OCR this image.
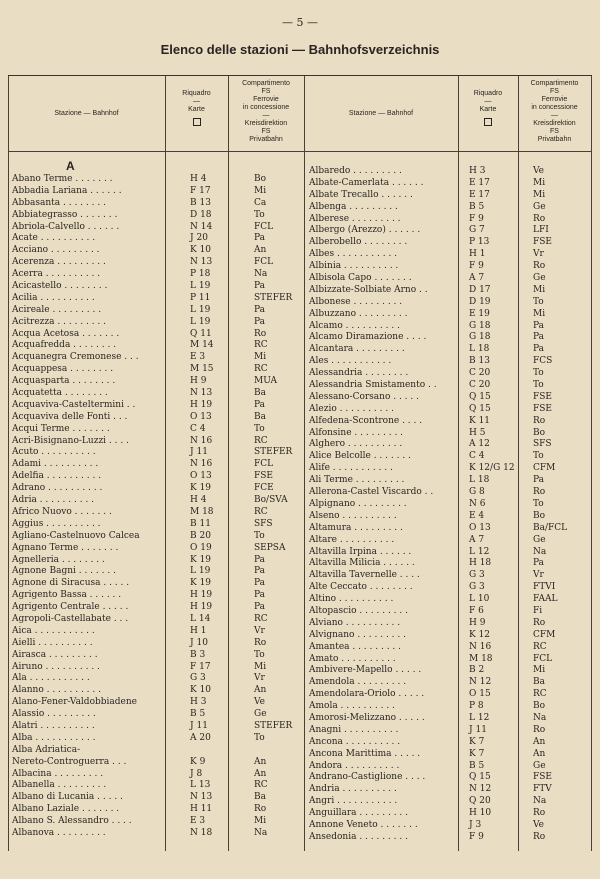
— 5 —
Elenco delle stazioni — Bahnhofsverzeichnis
Stazione — Bahnhof
Riquadro
—
Karte
Compartimento
FS
Ferrovie
in concessione
—
Kreisdirektion
FS
Privatbahn
Stazione — Bahnhof
Riquadro
—
Karte
Compartimento
FS
Ferrovie
in concessione
—
Kreisdirektion
FS
Privatbahn
A
Abano Terme . . . . . . .	H 4	Bo
Abbadia Lariana . . . . . .	F 17	Mi
Abbasanta . . . . . . . .	B 13	Ca
Abbiategrasso . . . . . . .	D 18	To
Abriola-Calvello . . . . . .	N 14	FCL
Acate . . . . . . . . . .	J 20	Pa
Acciano . . . . . . . . .	K 10	An
Acerenza . . . . . . . . .	N 13	FCL
Acerra . . . . . . . . . .	P 18	Na
Acicastello . . . . . . . .	L 19	Pa
Acilia . . . . . . . . . .	P 11	STEFER
Acireale . . . . . . . . .	L 19	Pa
Acitrezza . . . . . . . . .	L 19	Pa
Acqua Acetosa . . . . . . .	Q 11	Ro
Acquafredda . . . . . . . .	M 14	RC
Acquanegra Cremonese . . .	E 3	Mi
Acquappesa . . . . . . . .	M 15	RC
Acquasparta . . . . . . . .	H 9	MUA
Acquatetta . . . . . . . .	N 13	Ba
Acquaviva-Casteltermini . .	H 19	Pa
Acquaviva delle Fonti . . .	O 13	Ba
Acqui Terme . . . . . . .	C 4	To
Acri-Bisignano-Luzzi . . . .	N 16	RC
Acuto . . . . . . . . . .	J 11	STEFER
Adami . . . . . . . . . .	N 16	FCL
Adelfia . . . . . . . . . .	O 13	FSE
Adrano . . . . . . . . . .	K 19	FCE
Adria . . . . . . . . . .	H 4	Bo/SVA
Africo Nuovo . . . . . . .	M 18	RC
Aggius . . . . . . . . . .	B 11	SFS
Agliano-Castelnuovo Calcea	B 20	To
Agnano Terme . . . . . . .	O 19	SEPSA
Agnelleria . . . . . . . .	K 19	Pa
Agnone Bagni . . . . . . .	L 19	Pa
Agnone di Siracusa . . . . .	K 19	Pa
Agrigento Bassa . . . . . .	H 19	Pa
Agrigento Centrale . . . . .	H 19	Pa
Agropoli-Castellabate . . .	L 14	RC
Aica . . . . . . . . . . .	H 1	Vr
Aielli . . . . . . . . . .	J 10	Ro
Airasca . . . . . . . . .	B 3	To
Airuno . . . . . . . . . .	F 17	Mi
Ala . . . . . . . . . . .	G 3	Vr
Alanno . . . . . . . . . .	K 10	An
Alano-Fener-Valdobbiadene	H 3	Ve
Alassio . . . . . . . . .	B 5	Ge
Alatri . . . . . . . . . .	J 11	STEFER
Alba . . . . . . . . . . .	A 20	To
Alba Adriatica-
Nereto-Controguerra . . .	K 9	An
Albacina . . . . . . . . .	J 8	An
Albanella . . . . . . . . .	L 13	RC
Albano di Lucania . . . . .	N 13	Ba
Albano Laziale . . . . . . .	H 11	Ro
Albano S. Alessandro . . . .	E 3	Mi
Albanova . . . . . . . . .	N 18	Na
Albaredo . . . . . . . . .	H 3	Ve
Albate-Camerlata . . . . . .	E 17	Mi
Albate Trecallo . . . . . .	E 17	Mi
Albenga . . . . . . . . .	B 5	Ge
Alberese . . . . . . . . .	F 9	Ro
Albergo (Arezzo) . . . . . .	G 7	LFI
Alberobello . . . . . . . .	P 13	FSE
Albes . . . . . . . . . . .	H 1	Vr
Albinia . . . . . . . . . .	F 9	Ro
Albisola Capo . . . . . . .	A 7	Ge
Albizzate-Solbiate Arno . .	D 17	Mi
Albonese . . . . . . . . .	D 19	To
Albuzzano . . . . . . . . .	E 19	Mi
Alcamo . . . . . . . . . .	G 18	Pa
Alcamo Diramazione . . . .	G 18	Pa
Alcantara . . . . . . . . .	L 18	Pa
Ales . . . . . . . . . . .	B 13	FCS
Alessandria . . . . . . . .	C 20	To
Alessandria Smistamento . .	C 20	To
Alessano-Corsano . . . . .	Q 15	FSE
Alezio . . . . . . . . . .	Q 15	FSE
Alfedena-Scontrone . . . .	K 11	Ro
Alfonsine . . . . . . . . .	H 5	Bo
Alghero . . . . . . . . . .	A 12	SFS
Alice Belcolle . . . . . . .	C 4	To
Alife . . . . . . . . . . .	K 12/G 12 CFM
Ali Terme . . . . . . . . .	L 18	Pa
Allerona-Castel Viscardo . .	G 8	Ro
Alpignano . . . . . . . . .	N 6	To
Alseno . . . . . . . . . .	E 4	Bo
Altamura . . . . . . . . .	O 13	Ba/FCL
Altare . . . . . . . . . .	A 7	Ge
Altavilla Irpina . . . . . .	L 12	Na
Altavilla Milicia . . . . . .	H 18	Pa
Altavilla Tavernelle . . . .	G 3	Vr
Alte Ceccato . . . . . . . .	G 3	FTVI
Altino . . . . . . . . . .	L 10	FAAL
Altopascio . . . . . . . . .	F 6	Fi
Alviano . . . . . . . . . .	H 9	Ro
Alvignano . . . . . . . . .	K 12	CFM
Amantea . . . . . . . . .	N 16	RC
Amato . . . . . . . . . .	M 18	FCL
Ambivere-Mapello . . . . .	B 2	Mi
Amendola . . . . . . . . .	N 12	Ba
Amendolara-Oriolo . . . . .	O 15	RC
Amola . . . . . . . . . .	P 8	Bo
Amorosi-Melizzano . . . . .	L 12	Na
Anagni . . . . . . . . . .	J 11	Ro
Ancona . . . . . . . . . .	K 7	An
Ancona Marittima . . . . .	K 7	An
Andora . . . . . . . . . .	B 5	Ge
Andrano-Castiglione . . . .	Q 15	FSE
Andria . . . . . . . . . .	N 12	FTV
Angri . . . . . . . . . . .	Q 20	Na
Anguillara . . . . . . . . .	H 10	Ro
Annone Veneto . . . . . . .	J 3	Ve
Ansedonia . . . . . . . . .	F 9	Ro
